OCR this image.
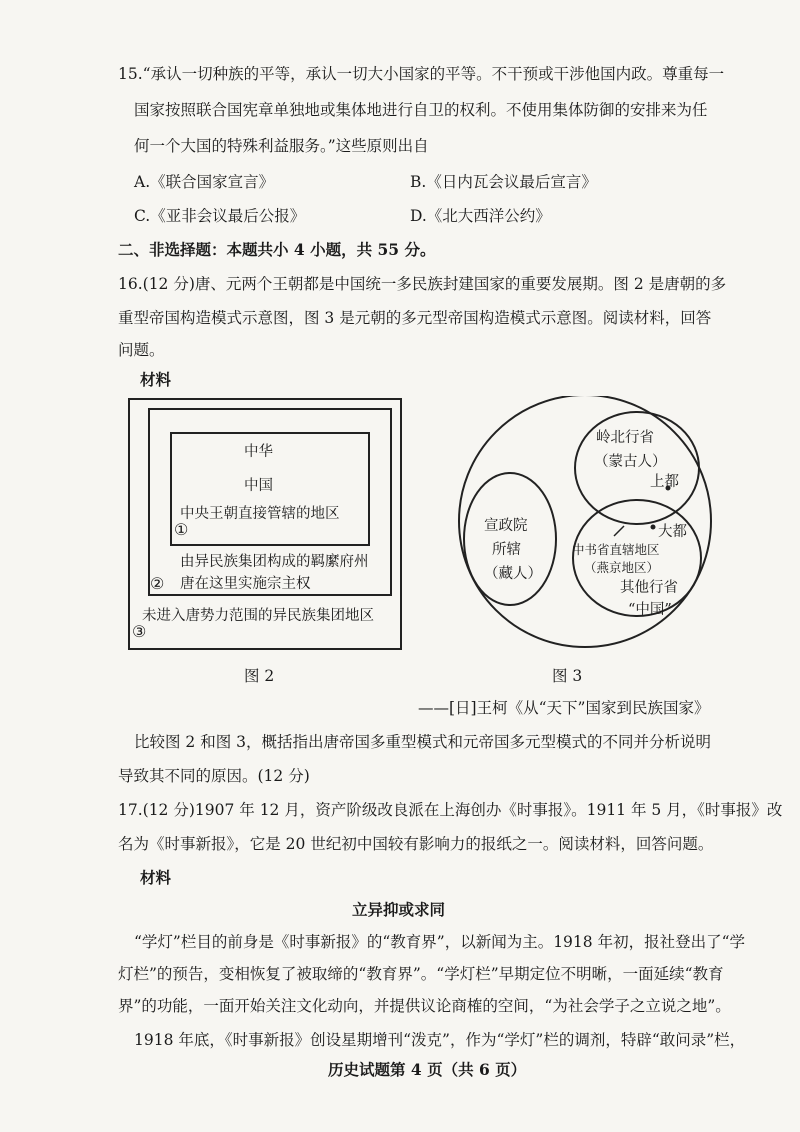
15.“承认一切种族的平等，承认一切大小国家的平等。不干预或干涉他国内政。尊重每一
国家按照联合国宪章单独地或集体地进行自卫的权利。不使用集体防御的安排来为任
何一个大国的特殊利益服务。”这些原则出自
A.《联合国家宣言》	B.《日内瓦会议最后宣言》
C.《亚非会议最后公报》	D.《北大西洋公约》
二、非选择题：本题共小 4 小题，共 55 分。
16.(12 分)唐、元两个王朝都是中国统一多民族封建国家的重要发展期。图 2 是唐朝的多
重型帝国构造模式示意图，图 3 是元朝的多元型帝国构造模式示意图。阅读材料，回答
问题。
材料
中华
中国
中央王朝直接管辖的地区
①
由异民族集团构成的羁縻府州
唐在这里实施宗主权
②
未进入唐势力范围的异民族集团地区
③
图 2
岭北行省
（蒙古人）
上都
宣政院
所辖
（藏人）
大都
中书省直辖地区
（燕京地区）
其他行省
“中国”
图 3
——[日]王柯《从“天下”国家到民族国家》
比较图 2 和图 3，概括指出唐帝国多重型模式和元帝国多元型模式的不同并分析说明
导致其不同的原因。(12 分)
17.(12 分)1907 年 12 月，资产阶级改良派在上海创办《时事报》。1911 年 5 月，《时事报》改
名为《时事新报》，它是 20 世纪初中国较有影响力的报纸之一。阅读材料，回答问题。
材料
立异抑或求同
“学灯”栏目的前身是《时事新报》的“教育界”，以新闻为主。1918 年初，报社登出了“学
灯栏”的预告，变相恢复了被取缔的“教育界”。“学灯栏”早期定位不明晰，一面延续“教育
界”的功能，一面开始关注文化动向，并提供议论商榷的空间，“为社会学子之立说之地”。
1918 年底，《时事新报》创设星期增刊“泼克”，作为“学灯”栏的调剂，特辟“敢问录”栏，
历史试题第 4 页（共 6 页）
